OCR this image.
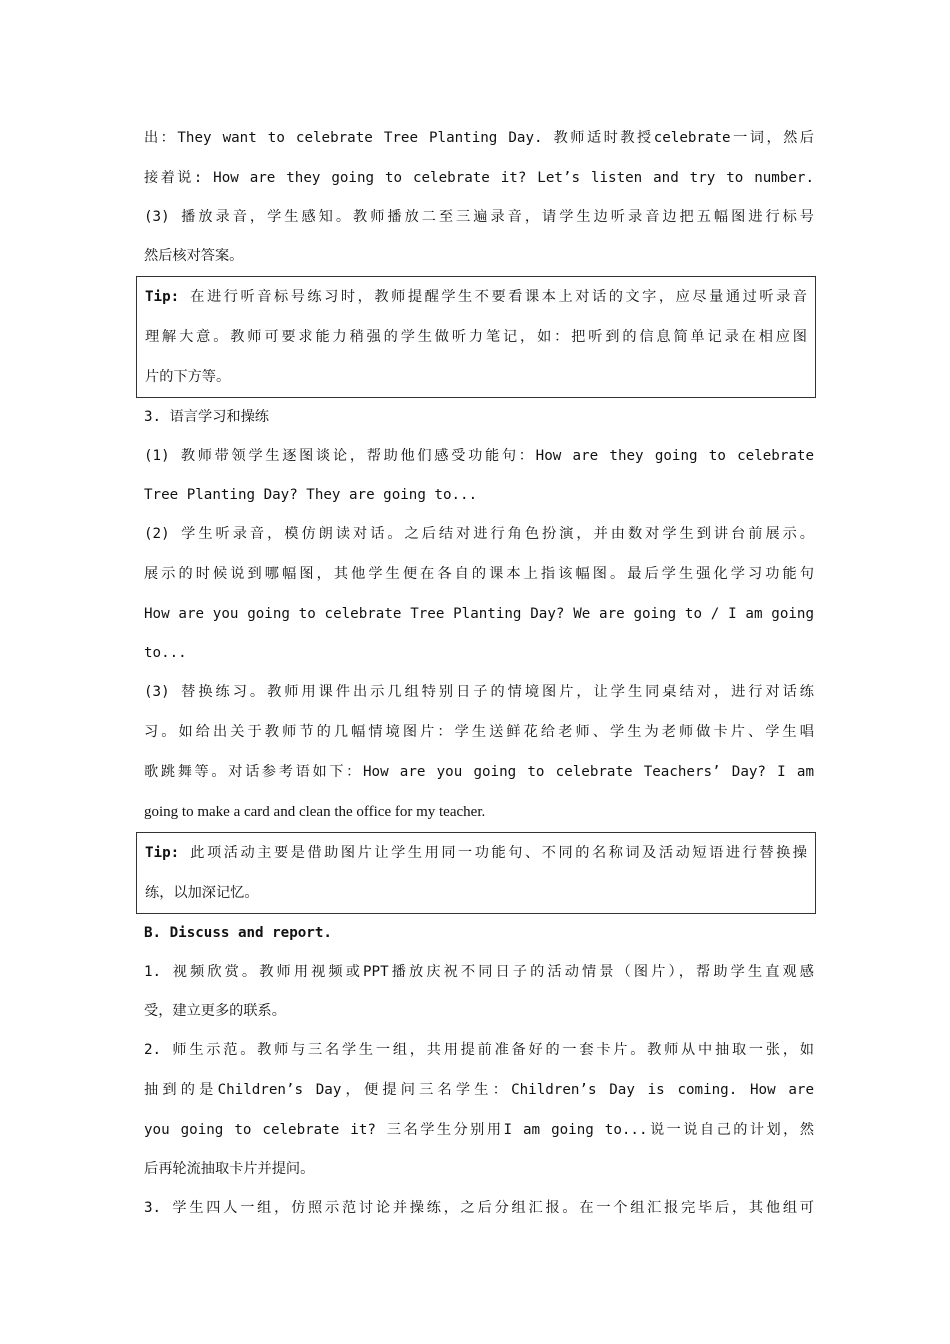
出：They want to celebrate Tree Planting Day. 教师适时教授celebrate一词，然后
接着说: How are they going to celebrate it? Let’s listen and try to number.
(3) 播放录音，学生感知。教师播放二至三遍录音，请学生边听录音边把五幅图进行标号
然后核对答案。
Tip: 在进行听音标号练习时，教师提醒学生不要看课本上对话的文字，应尽量通过听录音
理解大意。教师可要求能力稍强的学生做听力笔记，如：把听到的信息简单记录在相应图
片的下方等。
3. 语言学习和操练
(1) 教师带领学生逐图谈论，帮助他们感受功能句：How are they going to celebrate
Tree Planting Day? They are going to...
(2) 学生听录音，模仿朗读对话。之后结对进行角色扮演，并由数对学生到讲台前展示。
展示的时候说到哪幅图，其他学生便在各自的课本上指该幅图。最后学生强化学习功能句
How are you going to celebrate Tree Planting Day? We are going to / I am going
to...
(3) 替换练习。教师用课件出示几组特别日子的情境图片，让学生同桌结对，进行对话练
习。如给出关于教师节的几幅情境图片：学生送鲜花给老师、学生为老师做卡片、学生唱
歌跳舞等。对话参考语如下：How are you going to celebrate Teachers’ Day? I am
going to make a card and clean the office for my teacher.
Tip: 此项活动主要是借助图片让学生用同一功能句、不同的名称词及活动短语进行替换操
练，以加深记忆。
B. Discuss and report.
1. 视频欣赏。教师用视频或PPT播放庆祝不同日子的活动情景（图片），帮助学生直观感
受，建立更多的联系。
2. 师生示范。教师与三名学生一组，共用提前准备好的一套卡片。教师从中抽取一张，如
抽到的是Children’s Day，便提问三名学生：Children’s Day is coming. How are
you going to celebrate it? 三名学生分别用I am going to...说一说自己的计划，然
后再轮流抽取卡片并提问。
3. 学生四人一组，仿照示范讨论并操练，之后分组汇报。在一个组汇报完毕后，其他组可
